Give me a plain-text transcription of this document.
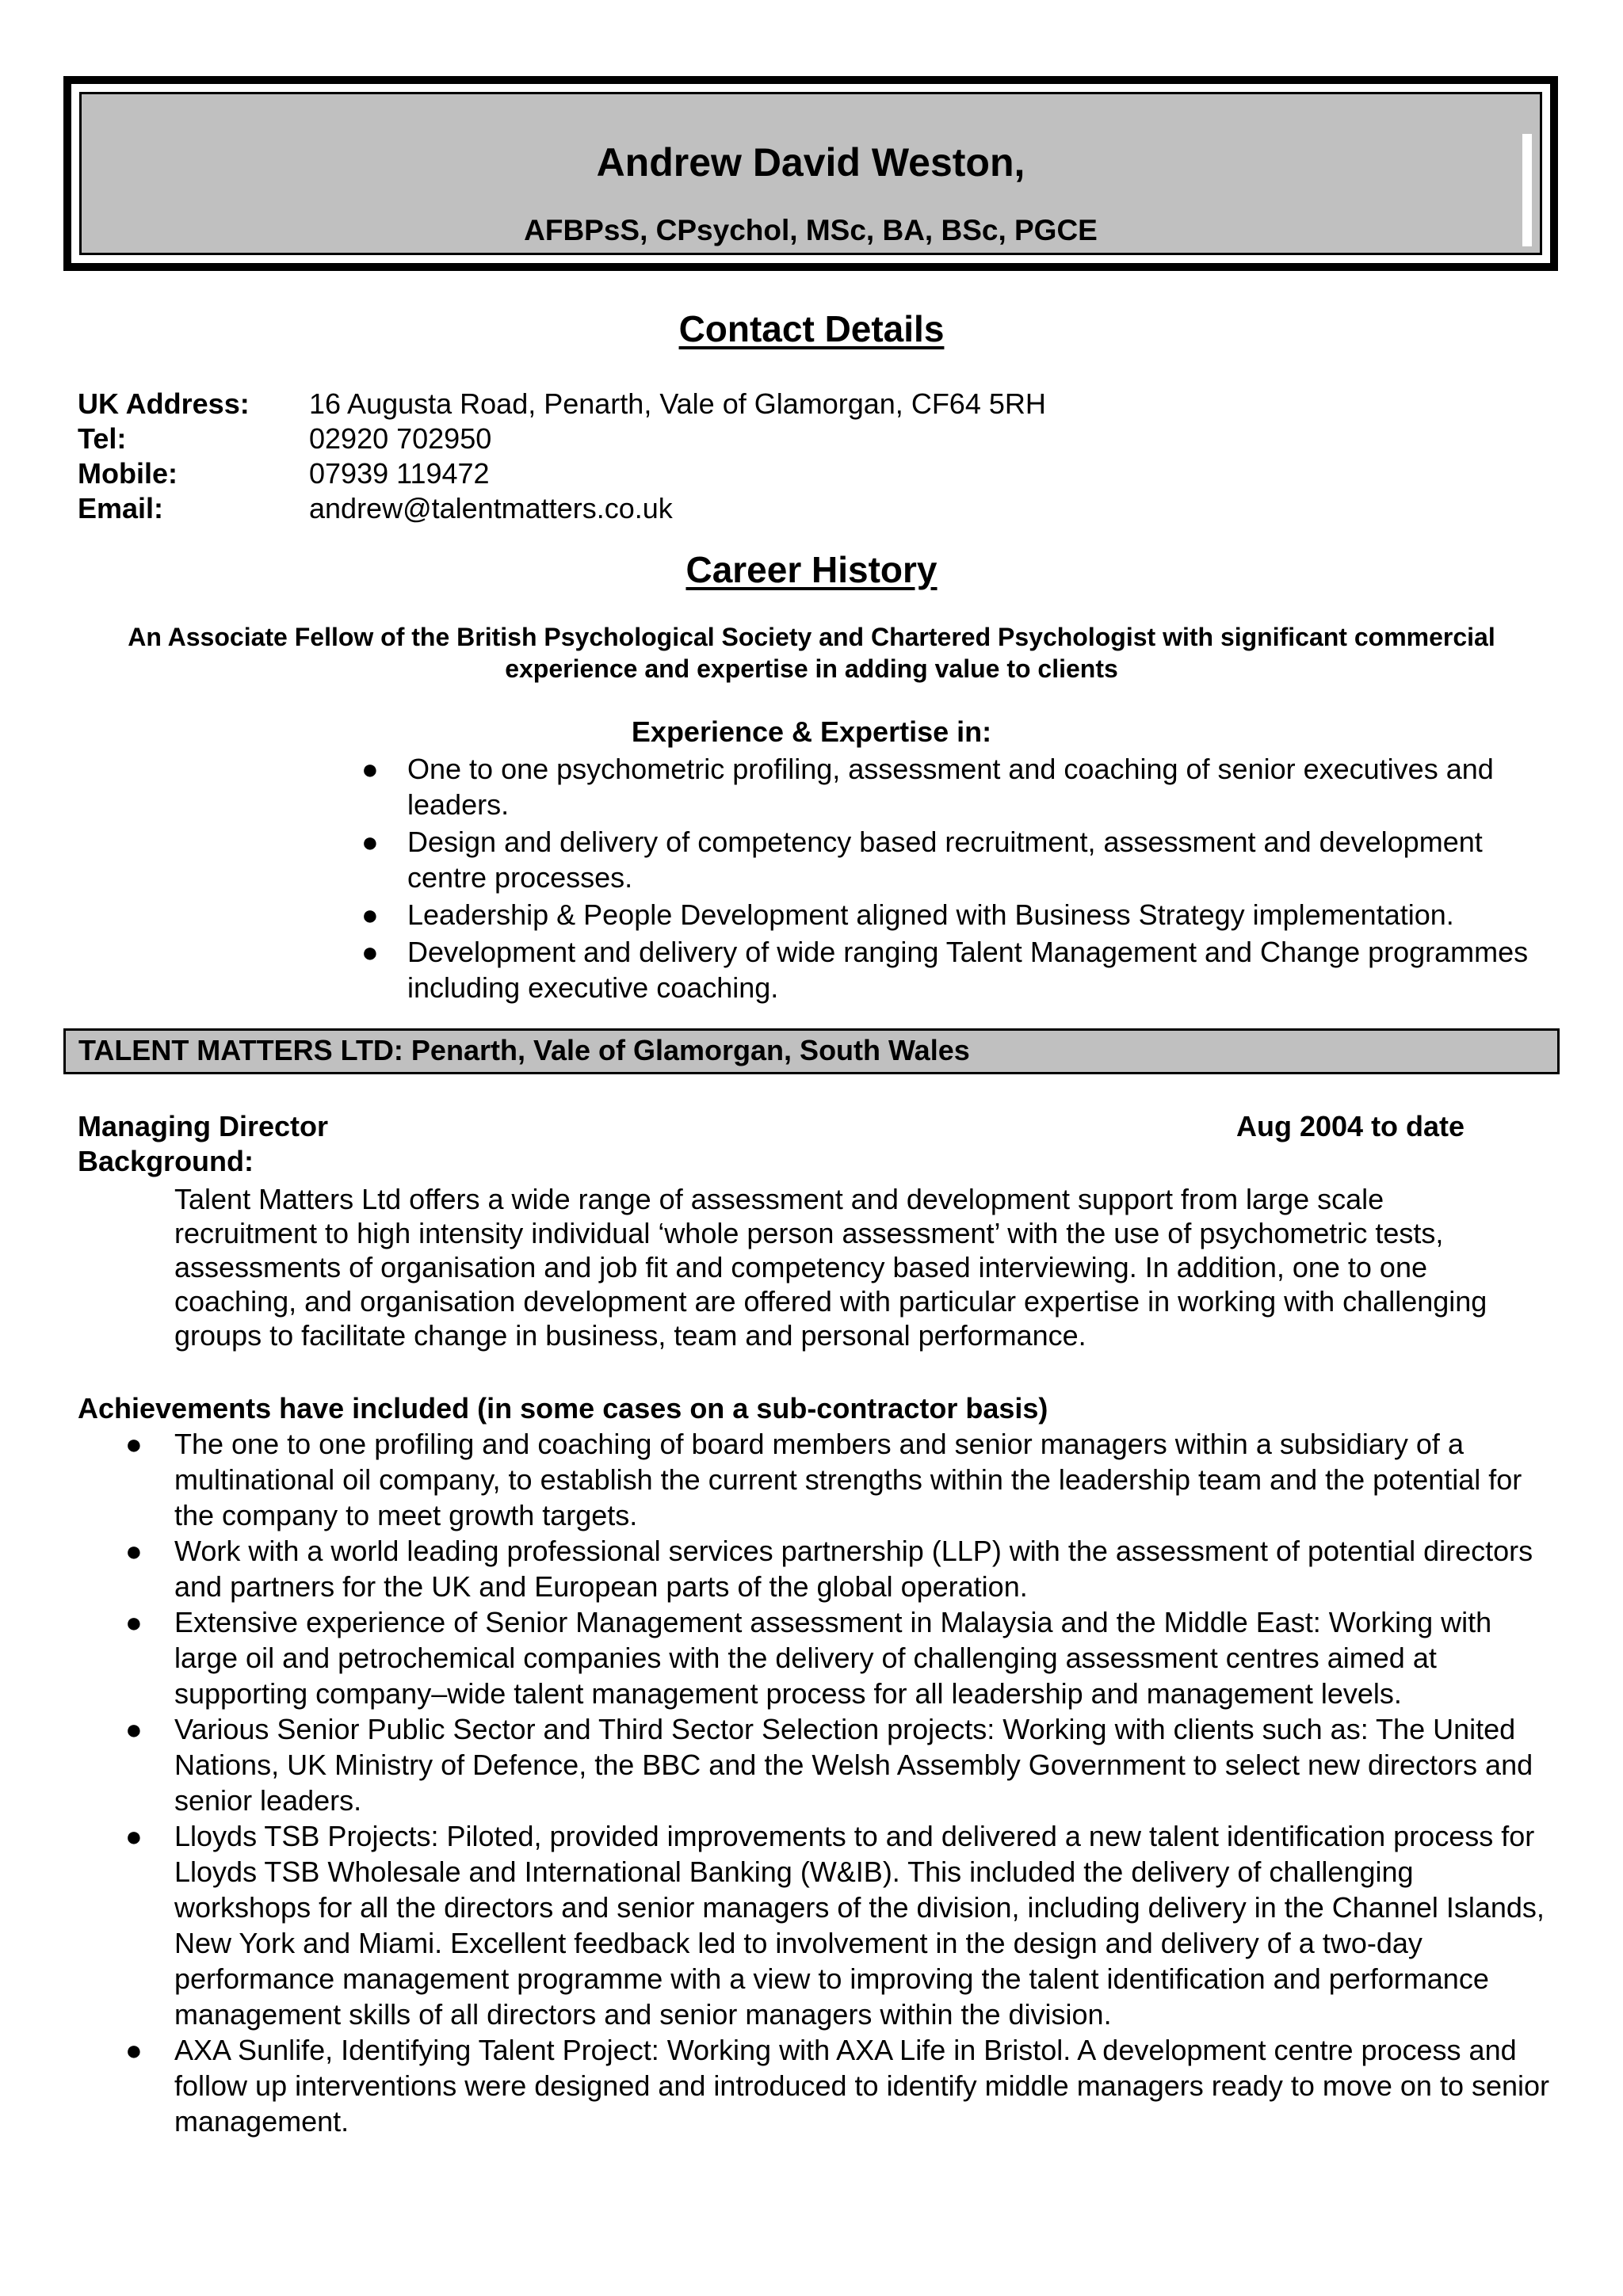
Andrew David Weston,
AFBPsS, CPsychol, MSc, BA, BSc, PGCE
Contact Details
UK Address: 16 Augusta Road, Penarth, Vale of Glamorgan, CF64 5RH
Tel:	02920 702950
Mobile:	07939 119472
Email:	andrew@talentmatters.co.uk
Career History
An Associate Fellow of the British Psychological Society and Chartered Psychologist with significant commercial experience and expertise in adding value to clients
Experience & Expertise in:
● One to one psychometric profiling, assessment and coaching of senior executives and leaders.
● Design and delivery of competency based recruitment, assessment and development centre processes.
● Leadership & People Development aligned with Business Strategy implementation.
● Development and delivery of wide ranging Talent Management and Change programmes including executive coaching.
TALENT MATTERS LTD: Penarth, Vale of Glamorgan, South Wales
Managing Director	Aug 2004 to date
Background:
Talent Matters Ltd offers a wide range of assessment and development support from large scale recruitment to high intensity individual ‘whole person assessment’ with the use of psychometric tests, assessments of organisation and job fit and competency based interviewing. In addition, one to one coaching, and organisation development are offered with particular expertise in working with challenging groups to facilitate change in business, team and personal performance.
Achievements have included (in some cases on a sub-contractor basis)
● The one to one profiling and coaching of board members and senior managers within a subsidiary of a multinational oil company, to establish the current strengths within the leadership team and the potential for the company to meet growth targets.
● Work with a world leading professional services partnership (LLP) with the assessment of potential directors and partners for the UK and European parts of the global operation.
● Extensive experience of Senior Management assessment in Malaysia and the Middle East: Working with large oil and petrochemical companies with the delivery of challenging assessment centres aimed at supporting company–wide talent management process for all leadership and management levels.
● Various Senior Public Sector and Third Sector Selection projects: Working with clients such as: The United Nations, UK Ministry of Defence, the BBC and the Welsh Assembly Government to select new directors and senior leaders.
● Lloyds TSB Projects: Piloted, provided improvements to and delivered a new talent identification process for Lloyds TSB Wholesale and International Banking (W&IB). This included the delivery of challenging workshops for all the directors and senior managers of the division, including delivery in the Channel Islands, New York and Miami. Excellent feedback led to involvement in the design and delivery of a two-day performance management programme with a view to improving the talent identification and performance management skills of all directors and senior managers within the division.
● AXA Sunlife, Identifying Talent Project: Working with AXA Life in Bristol. A development centre process and follow up interventions were designed and introduced to identify middle managers ready to move on to senior management.
